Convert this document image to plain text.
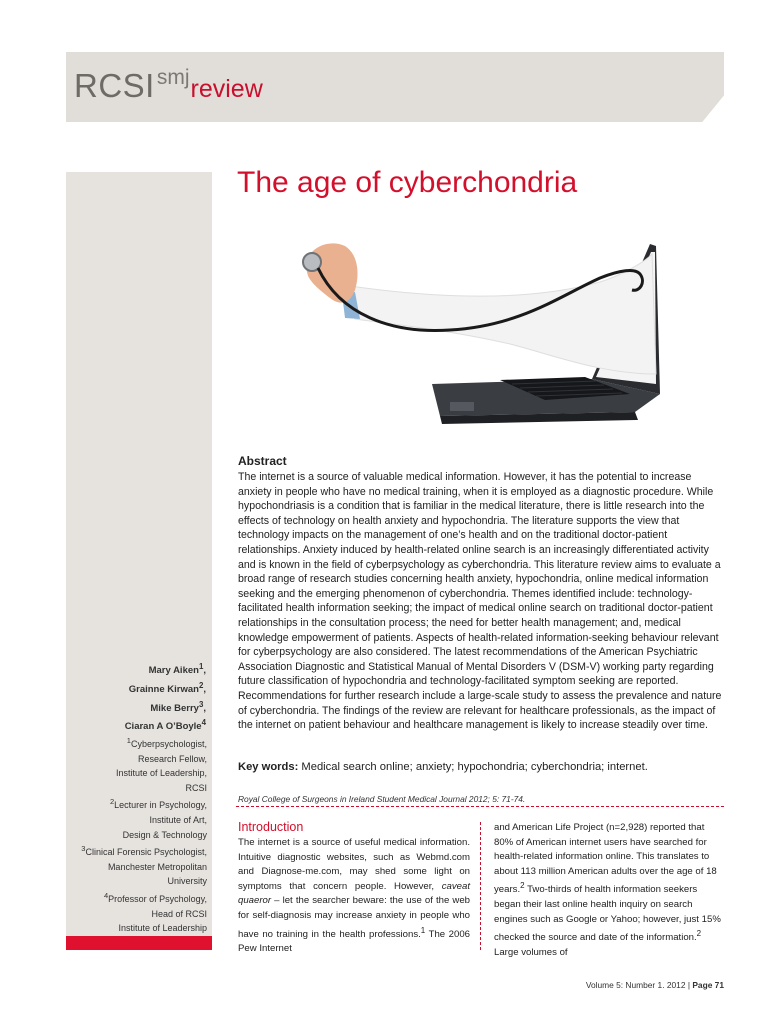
RCSIsmjreview
Mary Aiken$^1$,
Grainne Kirwan$^2$,
Mike Berry$^3$,
Ciaran A O’Boyle$^4$
$^1$Cyberpsychologist,
Research Fellow,
Institute of Leadership,
RCSI
$^2$Lecturer in Psychology,
Institute of Art,
Design & Technology
$^3$Clinical Forensic Psychologist,
Manchester Metropolitan
University
$^4$Professor of Psychology,
Head of RCSI
Institute of Leadership
The age of cyberchondria
Abstract

The internet is a source of valuable medical information. However, it has the potential to increase anxiety in people who have no medical training, when it is employed as a diagnostic procedure. While hypochondriasis is a condition that is familiar in the medical literature, there is little research into the effects of technology on health anxiety and hypochondria. The literature supports the view that technology impacts on the management of one’s health and on the traditional doctor-patient relationships. Anxiety induced by health-related online search is an increasingly differentiated activity and is known in the field of cyberpsychology as cyberchondria. This literature review aims to evaluate a broad range of research studies concerning health anxiety, hypochondria, online medical information seeking and the emerging phenomenon of cyberchondria. Themes identified include: technology-facilitated health information seeking; the impact of medical online search on traditional doctor-patient relationships in the consultation process; the need for better health management; and, medical knowledge empowerment of patients. Aspects of health-related information-seeking behaviour relevant for cyberpsychology are also considered. The latest recommendations of the American Psychiatric Association Diagnostic and Statistical Manual of Mental Disorders V (DSM-V) working party regarding future classification of hypochondria and technology-facilitated symptom seeking are reported. Recommendations for further research include a large-scale study to assess the prevalence and nature of cyberchondria. The findings of the review are relevant for healthcare professionals, as the impact of the internet on patient behaviour and healthcare management is likely to increase steadily over time.

Key words: Medical search online; anxiety; hypochondria; cyberchondria; internet.
Royal College of Surgeons in Ireland Student Medical Journal 2012; 5: 71-74.
Introduction
The internet is a source of useful medical information. Intuitive diagnostic websites, such as Webmd.com and Diagnose-me.com, may shed some light on symptoms that concern people. However, caveat quaeror – let the searcher beware: the use of the web for self-diagnosis may increase anxiety in people who have no training in the health professions.$^1$ The 2006 Pew Internet
and American Life Project (n=2,928) reported that 80% of American internet users have searched for health-related information online. This translates to about 113 million American adults over the age of 18 years.$^2$ Two-thirds of health information seekers began their last online health inquiry on search engines such as Google or Yahoo; however, just 15% checked the source and date of the information.$^2$ Large volumes of
Volume 5: Number 1. 2012 | Page 71
